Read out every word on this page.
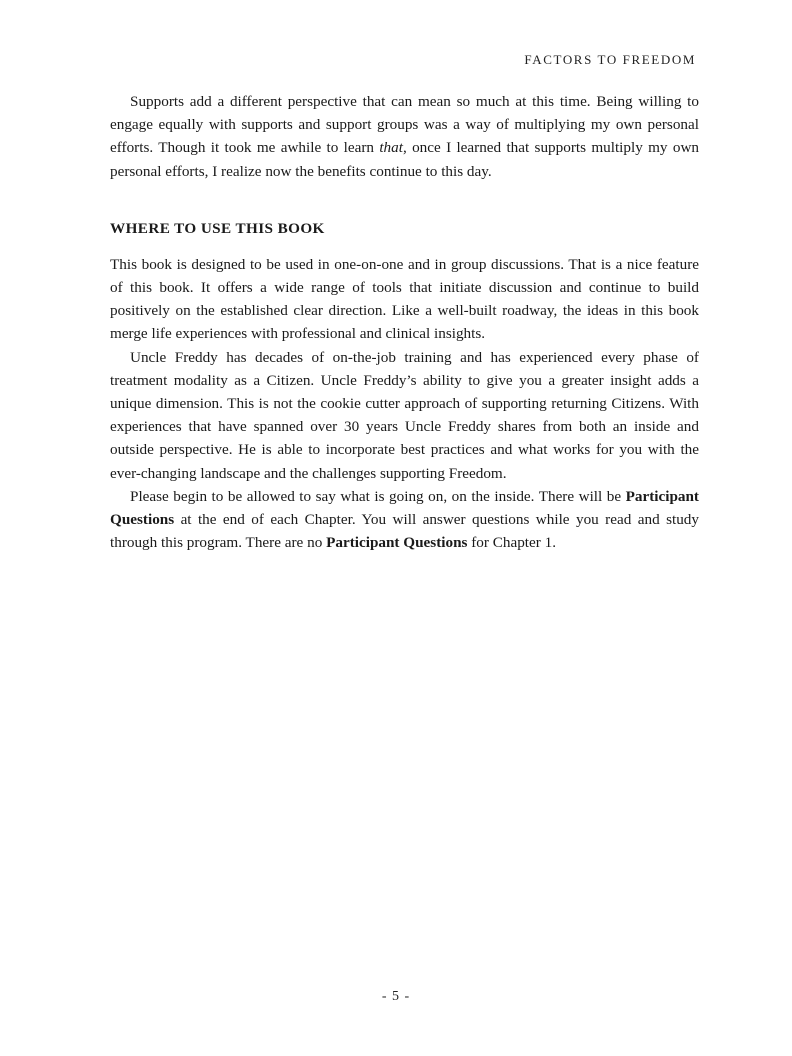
FACTORS TO FREEDOM

Supports add a different perspective that can mean so much at this time. Being willing to engage equally with supports and support groups was a way of multiplying my own personal efforts. Though it took me awhile to learn that, once I learned that supports multiply my own personal efforts, I realize now the benefits continue to this day.

WHERE TO USE THIS BOOK

This book is designed to be used in one-on-one and in group discussions. That is a nice feature of this book. It offers a wide range of tools that initiate discussion and continue to build positively on the established clear direction. Like a well-built roadway, the ideas in this book merge life experiences with professional and clinical insights.

Uncle Freddy has decades of on-the-job training and has experienced every phase of treatment modality as a Citizen. Uncle Freddy’s ability to give you a greater insight adds a unique dimension. This is not the cookie cutter approach of supporting returning Citizens. With experiences that have spanned over 30 years Uncle Freddy shares from both an inside and outside perspective. He is able to incorporate best practices and what works for you with the ever-changing landscape and the challenges supporting Freedom.

Please begin to be allowed to say what is going on, on the inside. There will be Participant Questions at the end of each Chapter. You will answer questions while you read and study through this program. There are no Participant Questions for Chapter 1.

- 5 -
